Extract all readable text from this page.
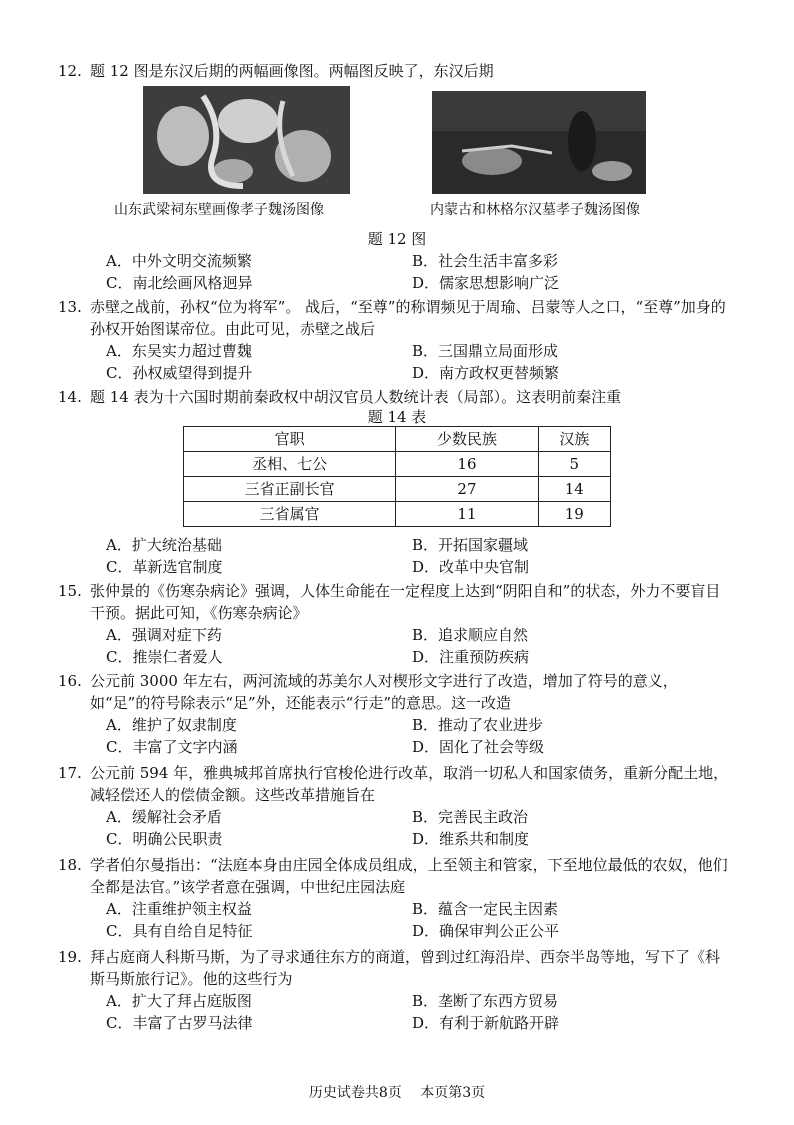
12. 题 12 图是东汉后期的两幅画像图。两幅图反映了，东汉后期
山东武梁祠东壁画像孝子魏汤图像	内蒙古和林格尔汉墓孝子魏汤图像
题 12 图
A．中外文明交流频繁	B．社会生活丰富多彩
C．南北绘画风格迥异	D．儒家思想影响广泛
13. 赤壁之战前，孙权“位为将军”。 战后，“至尊”的称谓频见于周瑜、吕蒙等人之口，“至尊”加身的孙权开始图谋帝位。由此可见，赤壁之战后
A．东吴实力超过曹魏	B．三国鼎立局面形成
C．孙权威望得到提升	D．南方政权更替频繁
14. 题 14 表为十六国时期前秦政权中胡汉官员人数统计表（局部）。这表明前秦注重
题 14 表
官职	少数民族	汉族
丞相、七公	16	5
三省正副长官	27	14
三省属官	11	19
A．扩大统治基础	B．开拓国家疆域
C．革新选官制度	D．改革中央官制
15. 张仲景的《伤寒杂病论》强调，人体生命能在一定程度上达到“阴阳自和”的状态，外力不要盲目干预。据此可知，《伤寒杂病论》
A．强调对症下药	B．追求顺应自然
C．推崇仁者爱人	D．注重预防疾病
16. 公元前 3000 年左右，两河流域的苏美尔人对楔形文字进行了改造，增加了符号的意义，如“足”的符号除表示“足”外，还能表示“行走”的意思。这一改造
A．维护了奴隶制度	B．推动了农业进步
C．丰富了文字内涵	D．固化了社会等级
17. 公元前 594 年，雅典城邦首席执行官梭伦进行改革，取消一切私人和国家债务，重新分配土地，减轻偿还人的偿债金额。这些改革措施旨在
A．缓解社会矛盾	B．完善民主政治
C．明确公民职责	D．维系共和制度
18. 学者伯尔曼指出：“法庭本身由庄园全体成员组成，上至领主和管家，下至地位最低的农奴，他们全都是法官。”该学者意在强调，中世纪庄园法庭
A．注重维护领主权益	B．蕴含一定民主因素
C．具有自给自足特征	D．确保审判公正公平
19. 拜占庭商人科斯马斯，为了寻求通往东方的商道，曾到过红海沿岸、西奈半岛等地，写下了《科斯马斯旅行记》。他的这些行为
A．扩大了拜占庭版图	B．垄断了东西方贸易
C．丰富了古罗马法律	D．有利于新航路开辟
历史试卷共8页　 本页第3页
